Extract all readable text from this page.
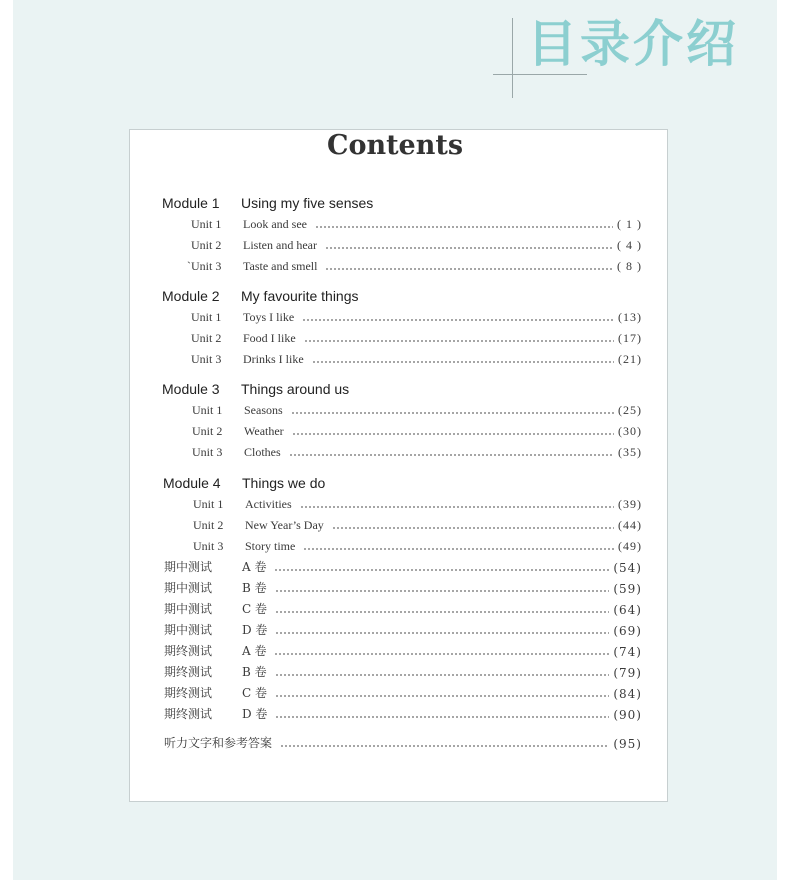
目录介绍
Contents
Module 1 Using my five senses
Unit 1	Look and see	( 1 )
Unit 2	Listen and hear	( 4 )
`Unit 3	Taste and smell	( 8 )
Module 2 My favourite things
Unit 1	Toys I like	(13)
Unit 2	Food I like	(17)
Unit 3	Drinks I like	(21)
Module 3 Things around us
Unit 1	Seasons	(25)
Unit 2	Weather	(30)
Unit 3	Clothes	(35)
Module 4 Things we do
Unit 1	Activities	(39)
Unit 2	New Year’s Day	(44)
Unit 3	Story time	(49)
期中测试	A 卷	(54)
期中测试	B 卷	(59)
期中测试	C 卷	(64)
期中测试	D 卷	(69)
期终测试	A 卷	(74)
期终测试	B 卷	(79)
期终测试	C 卷	(84)
期终测试	D 卷	(90)
听力文字和参考答案	(95)
